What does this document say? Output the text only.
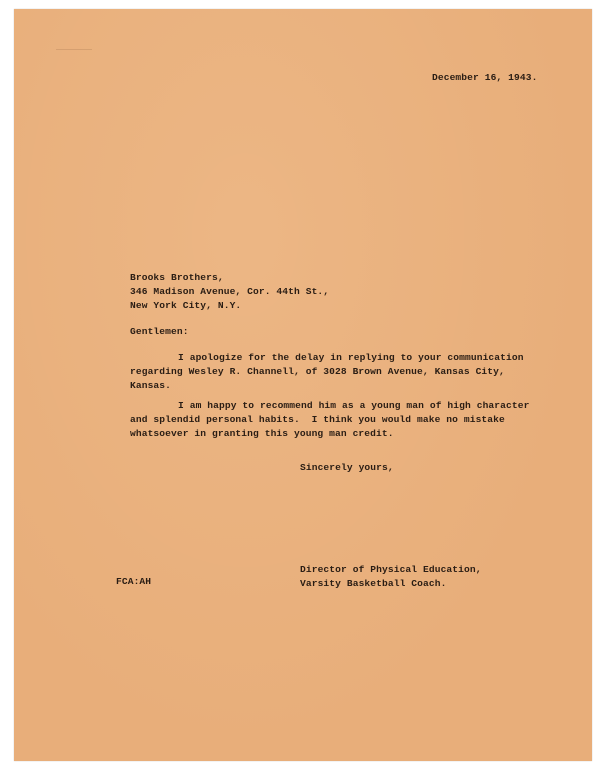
December 16, 1943.
Brooks Brothers,
346 Madison Avenue, Cor. 44th St.,
New York City, N.Y.
Gentlemen:
I apologize for the delay in replying to your communication
regarding Wesley R. Channell, of 3028 Brown Avenue, Kansas City,
Kansas.
I am happy to recommend him as a young man of high character
and splendid personal habits.  I think you would make no mistake
whatsoever in granting this young man credit.
Sincerely yours,
Director of Physical Education,
Varsity Basketball Coach.
FCA:AH
